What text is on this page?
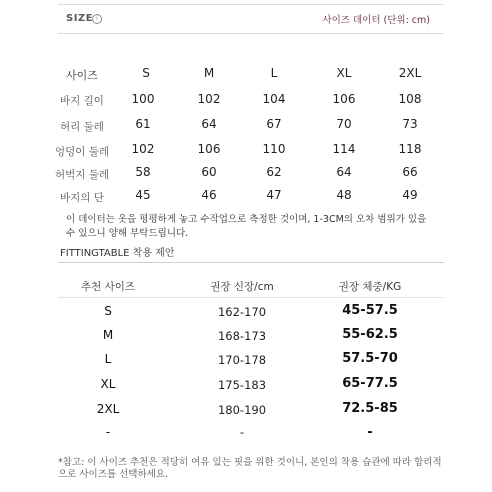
SIZE i	사이즈 데이터 (단위: cm)
사이즈	S	M	L	XL	2XL
바지 길이 100	102	104	106	108
허리 둘레	61	64	67	70	73
엉덩이 둘레 102	106	110	114	118
허벅지 둘레 58	60	62	64	66
바지의 단	45	46	47	48	49
이 데이터는 옷을 평평하게 놓고 수작업으로 측정한 것이며, 1-3CM의 오차 범위가 있을 수 있으니 양해 부탁드립니다.
FITTINGTABLE 착용 제안
추천 사이즈	권장 신장/cm	권장 체중/KG
S	162-170	45-57.5
M	168-173	55-62.5
L	170-178	57.5-70
XL	175-183	65-77.5
2XL	180-190	72.5-85
-	-	-
*참고: 이 사이즈 추천은 적당히 여유 있는 핏을 위한 것이니, 본인의 착용 습관에 따라 합리적으로 사이즈를 선택하세요.
